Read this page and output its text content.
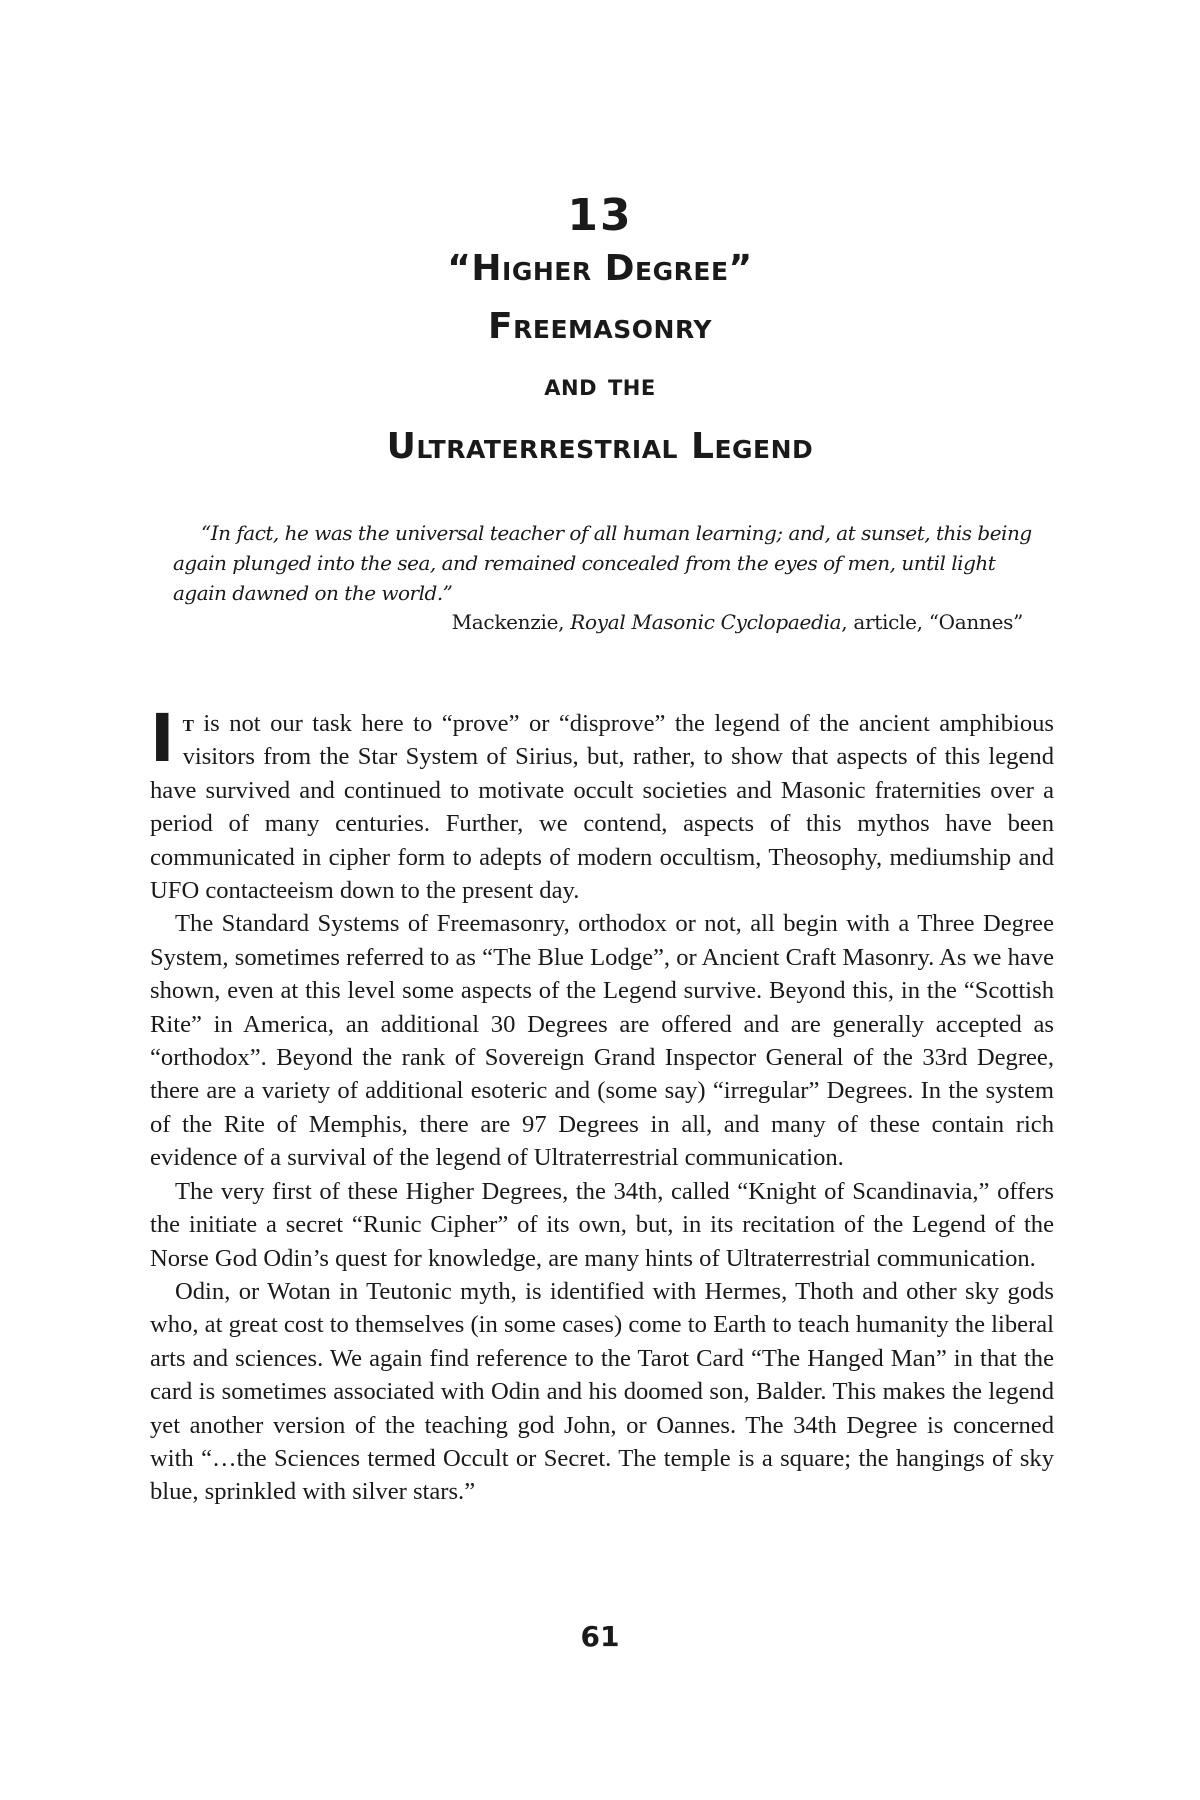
13
“Higher Degree”
Freemasonry
and the
Ultraterrestrial Legend

“In fact, he was the universal teacher of all human learning; and, at sunset, this being again plunged into the sea, and remained concealed from the eyes of men, until light again dawned on the world.”

Mackenzie, Royal Masonic Cyclopaedia, article, “Oannes”

It is not our task here to “prove” or “disprove” the legend of the ancient amphibious visitors from the Star System of Sirius, but, rather, to show that aspects of this legend have survived and continued to motivate occult societies and Masonic fraternities over a period of many centuries. Further, we contend, aspects of this mythos have been communicated in cipher form to adepts of modern occultism, Theosophy, mediumship and UFO contacteeism down to the present day.

The Standard Systems of Freemasonry, orthodox or not, all begin with a Three Degree System, sometimes referred to as “The Blue Lodge”, or Ancient Craft Masonry. As we have shown, even at this level some aspects of the Legend survive. Beyond this, in the “Scottish Rite” in America, an additional 30 Degrees are offered and are generally accepted as “orthodox”. Beyond the rank of Sovereign Grand Inspector General of the 33rd Degree, there are a variety of additional esoteric and (some say) “irregular” Degrees. In the system of the Rite of Memphis, there are 97 Degrees in all, and many of these contain rich evidence of a survival of the legend of Ultraterrestrial communication.

The very first of these Higher Degrees, the 34th, called “Knight of Scandinavia,” offers the initiate a secret “Runic Cipher” of its own, but, in its recitation of the Legend of the Norse God Odin’s quest for knowledge, are many hints of Ultraterrestrial communication.

Odin, or Wotan in Teutonic myth, is identified with Hermes, Thoth and other sky gods who, at great cost to themselves (in some cases) come to Earth to teach humanity the liberal arts and sciences. We again find reference to the Tarot Card “The Hanged Man” in that the card is sometimes associated with Odin and his doomed son, Balder. This makes the legend yet another version of the teaching god John, or Oannes. The 34th Degree is concerned with “…the Sciences termed Occult or Secret. The temple is a square; the hangings of sky blue, sprinkled with silver stars.”

61
